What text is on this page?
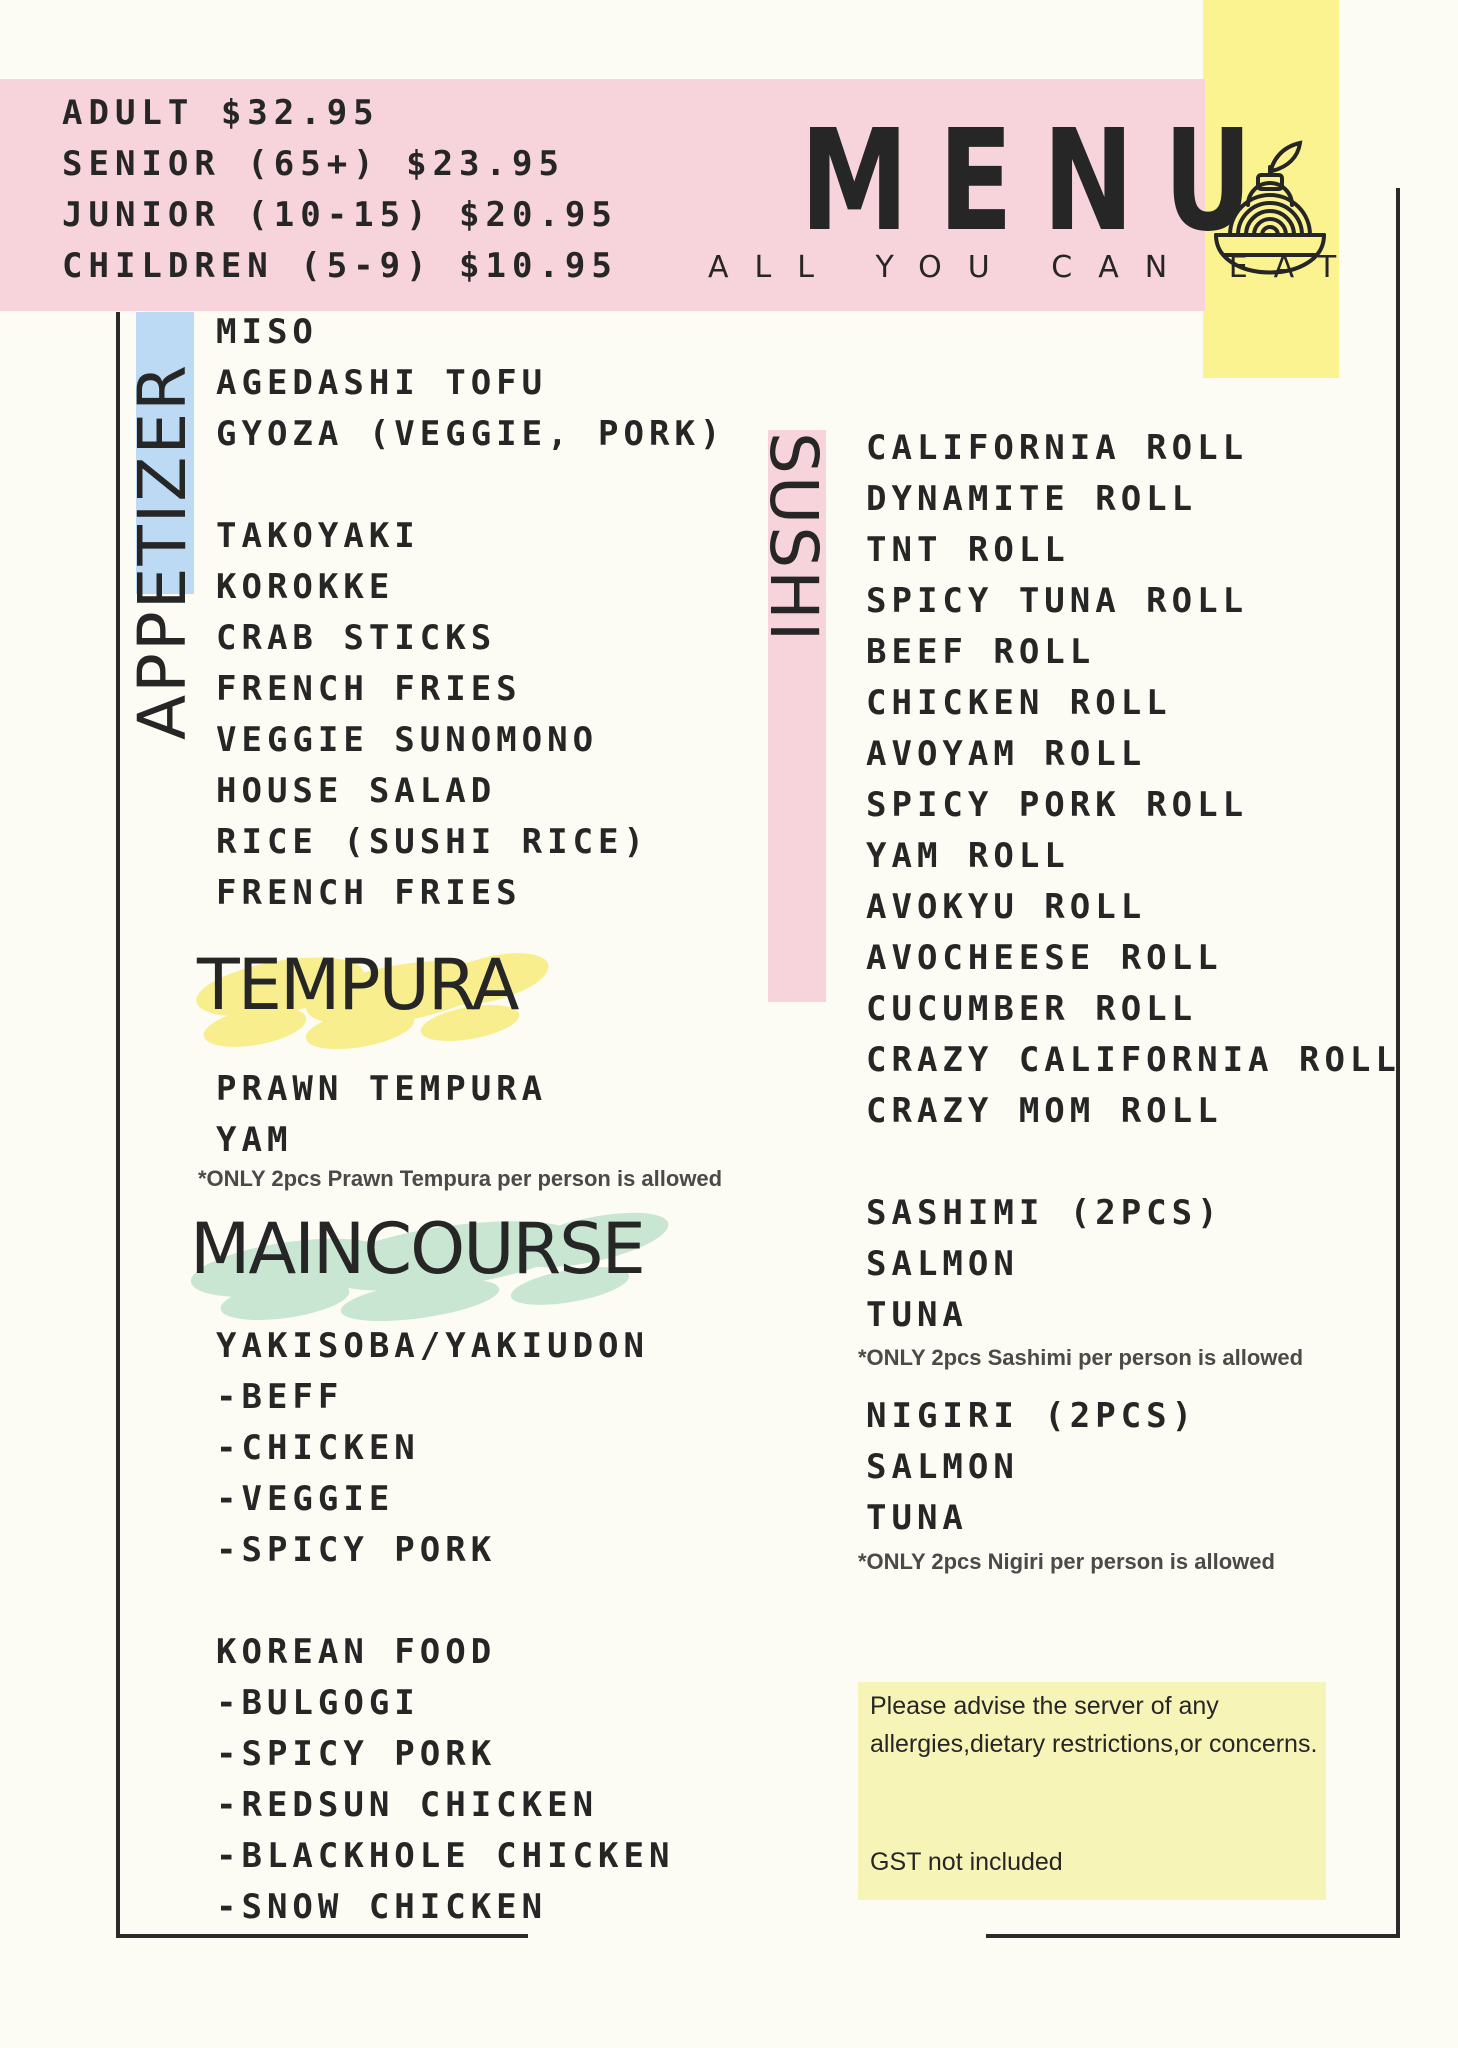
ADULT $32.95
SENIOR (65+) $23.95
JUNIOR (10-15) $20.95
CHILDREN (5-9) $10.95
MENU
ALL YOU CAN EAT
APPETIZER	SUSHI
MISO
AGEDASHI TOFU
GYOZA (VEGGIE, PORK)
TAKOYAKI
KOROKKE
CRAB STICKS
FRENCH FRIES
VEGGIE SUNOMONO
HOUSE SALAD
RICE (SUSHI RICE)
FRENCH FRIES
TEMPURA
PRAWN TEMPURA
YAM
*ONLY 2pcs Prawn Tempura per person is allowed
MAINCOURSE
YAKISOBA/YAKIUDON
-BEFF
-CHICKEN
-VEGGIE
-SPICY PORK
KOREAN FOOD
-BULGOGI
-SPICY PORK
-REDSUN CHICKEN
-BLACKHOLE CHICKEN
-SNOW CHICKEN
CALIFORNIA ROLL
DYNAMITE ROLL
TNT ROLL
SPICY TUNA ROLL
BEEF ROLL
CHICKEN ROLL
AVOYAM ROLL
SPICY PORK ROLL
YAM ROLL
AVOKYU ROLL
AVOCHEESE ROLL
CUCUMBER ROLL
CRAZY CALIFORNIA ROLL
CRAZY MOM ROLL
SASHIMI (2PCS)
SALMON
TUNA
*ONLY 2pcs Sashimi per person is allowed
NIGIRI (2PCS)
SALMON
TUNA
*ONLY 2pcs Nigiri per person is allowed
Please advise the server of any
allergies,dietary restrictions,or concerns.
GST not included
